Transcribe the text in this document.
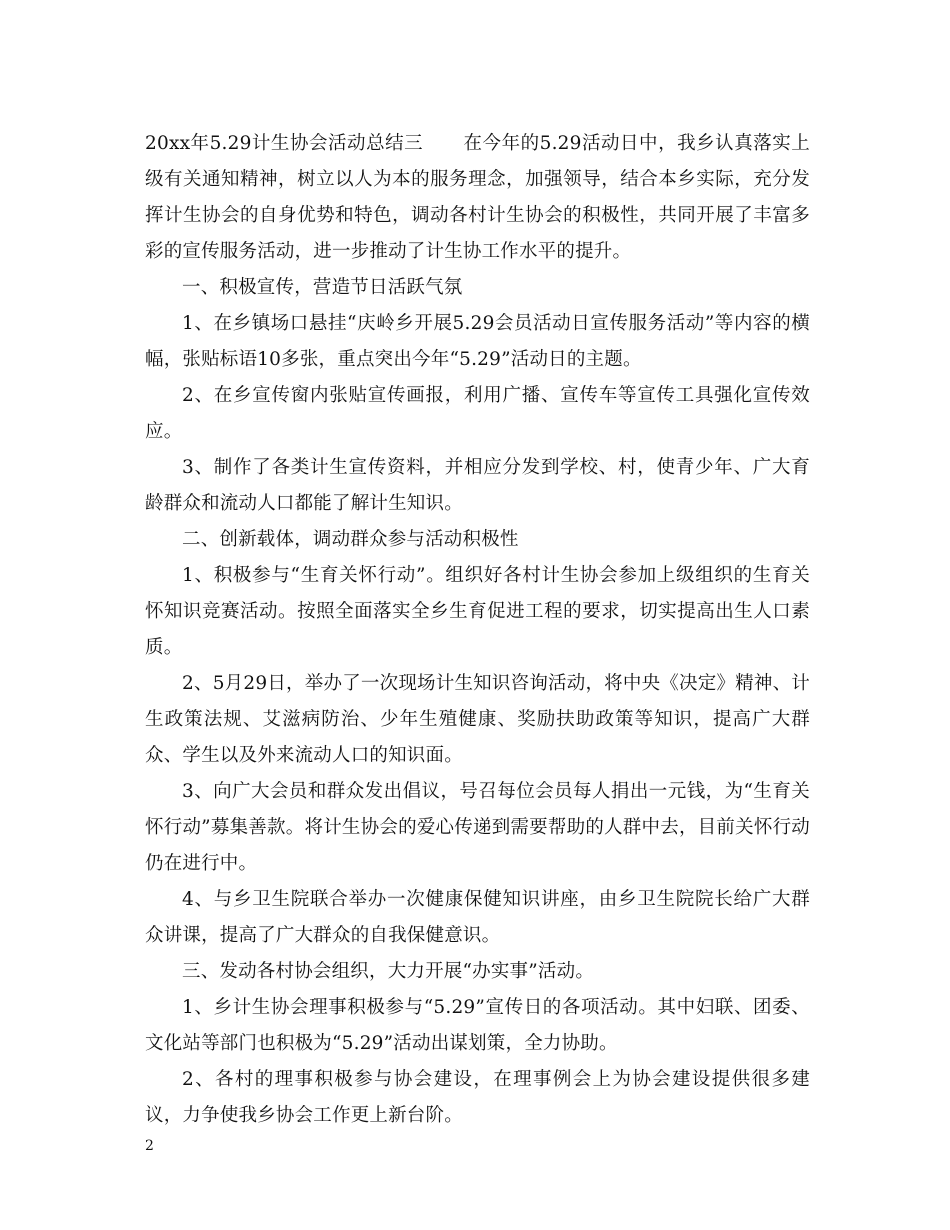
20xx年5.29计生协会活动总结三 在今年的5.29活动日中，我乡认真落实上级有关通知精神，树立以人为本的服务理念，加强领导，结合本乡实际，充分发挥计生协会的自身优势和特色，调动各村计生协会的积极性，共同开展了丰富多彩的宣传服务活动，进一步推动了计生协工作水平的提升。

一、积极宣传，营造节日活跃气氛

1、在乡镇场口悬挂“庆岭乡开展5.29会员活动日宣传服务活动”等内容的横幅，张贴标语10多张，重点突出今年“5.29”活动日的主题。

2、在乡宣传窗内张贴宣传画报，利用广播、宣传车等宣传工具强化宣传效应。

3、制作了各类计生宣传资料，并相应分发到学校、村，使青少年、广大育龄群众和流动人口都能了解计生知识。

二、创新载体，调动群众参与活动积极性

1、积极参与“生育关怀行动”。组织好各村计生协会参加上级组织的生育关怀知识竞赛活动。按照全面落实全乡生育促进工程的要求，切实提高出生人口素质。

2、5月29日，举办了一次现场计生知识咨询活动，将中央《决定》精神、计生政策法规、艾滋病防治、少年生殖健康、奖励扶助政策等知识，提高广大群众、学生以及外来流动人口的知识面。

3、向广大会员和群众发出倡议，号召每位会员每人捐出一元钱，为“生育关怀行动”募集善款。将计生协会的爱心传递到需要帮助的人群中去，目前关怀行动仍在进行中。

4、与乡卫生院联合举办一次健康保健知识讲座，由乡卫生院院长给广大群众讲课，提高了广大群众的自我保健意识。

三、发动各村协会组织，大力开展“办实事”活动。

1、乡计生协会理事积极参与“5.29”宣传日的各项活动。其中妇联、团委、文化站等部门也积极为“5.29”活动出谋划策，全力协助。

2、各村的理事积极参与协会建设，在理事例会上为协会建设提供很多建议，力争使我乡协会工作更上新台阶。

2
